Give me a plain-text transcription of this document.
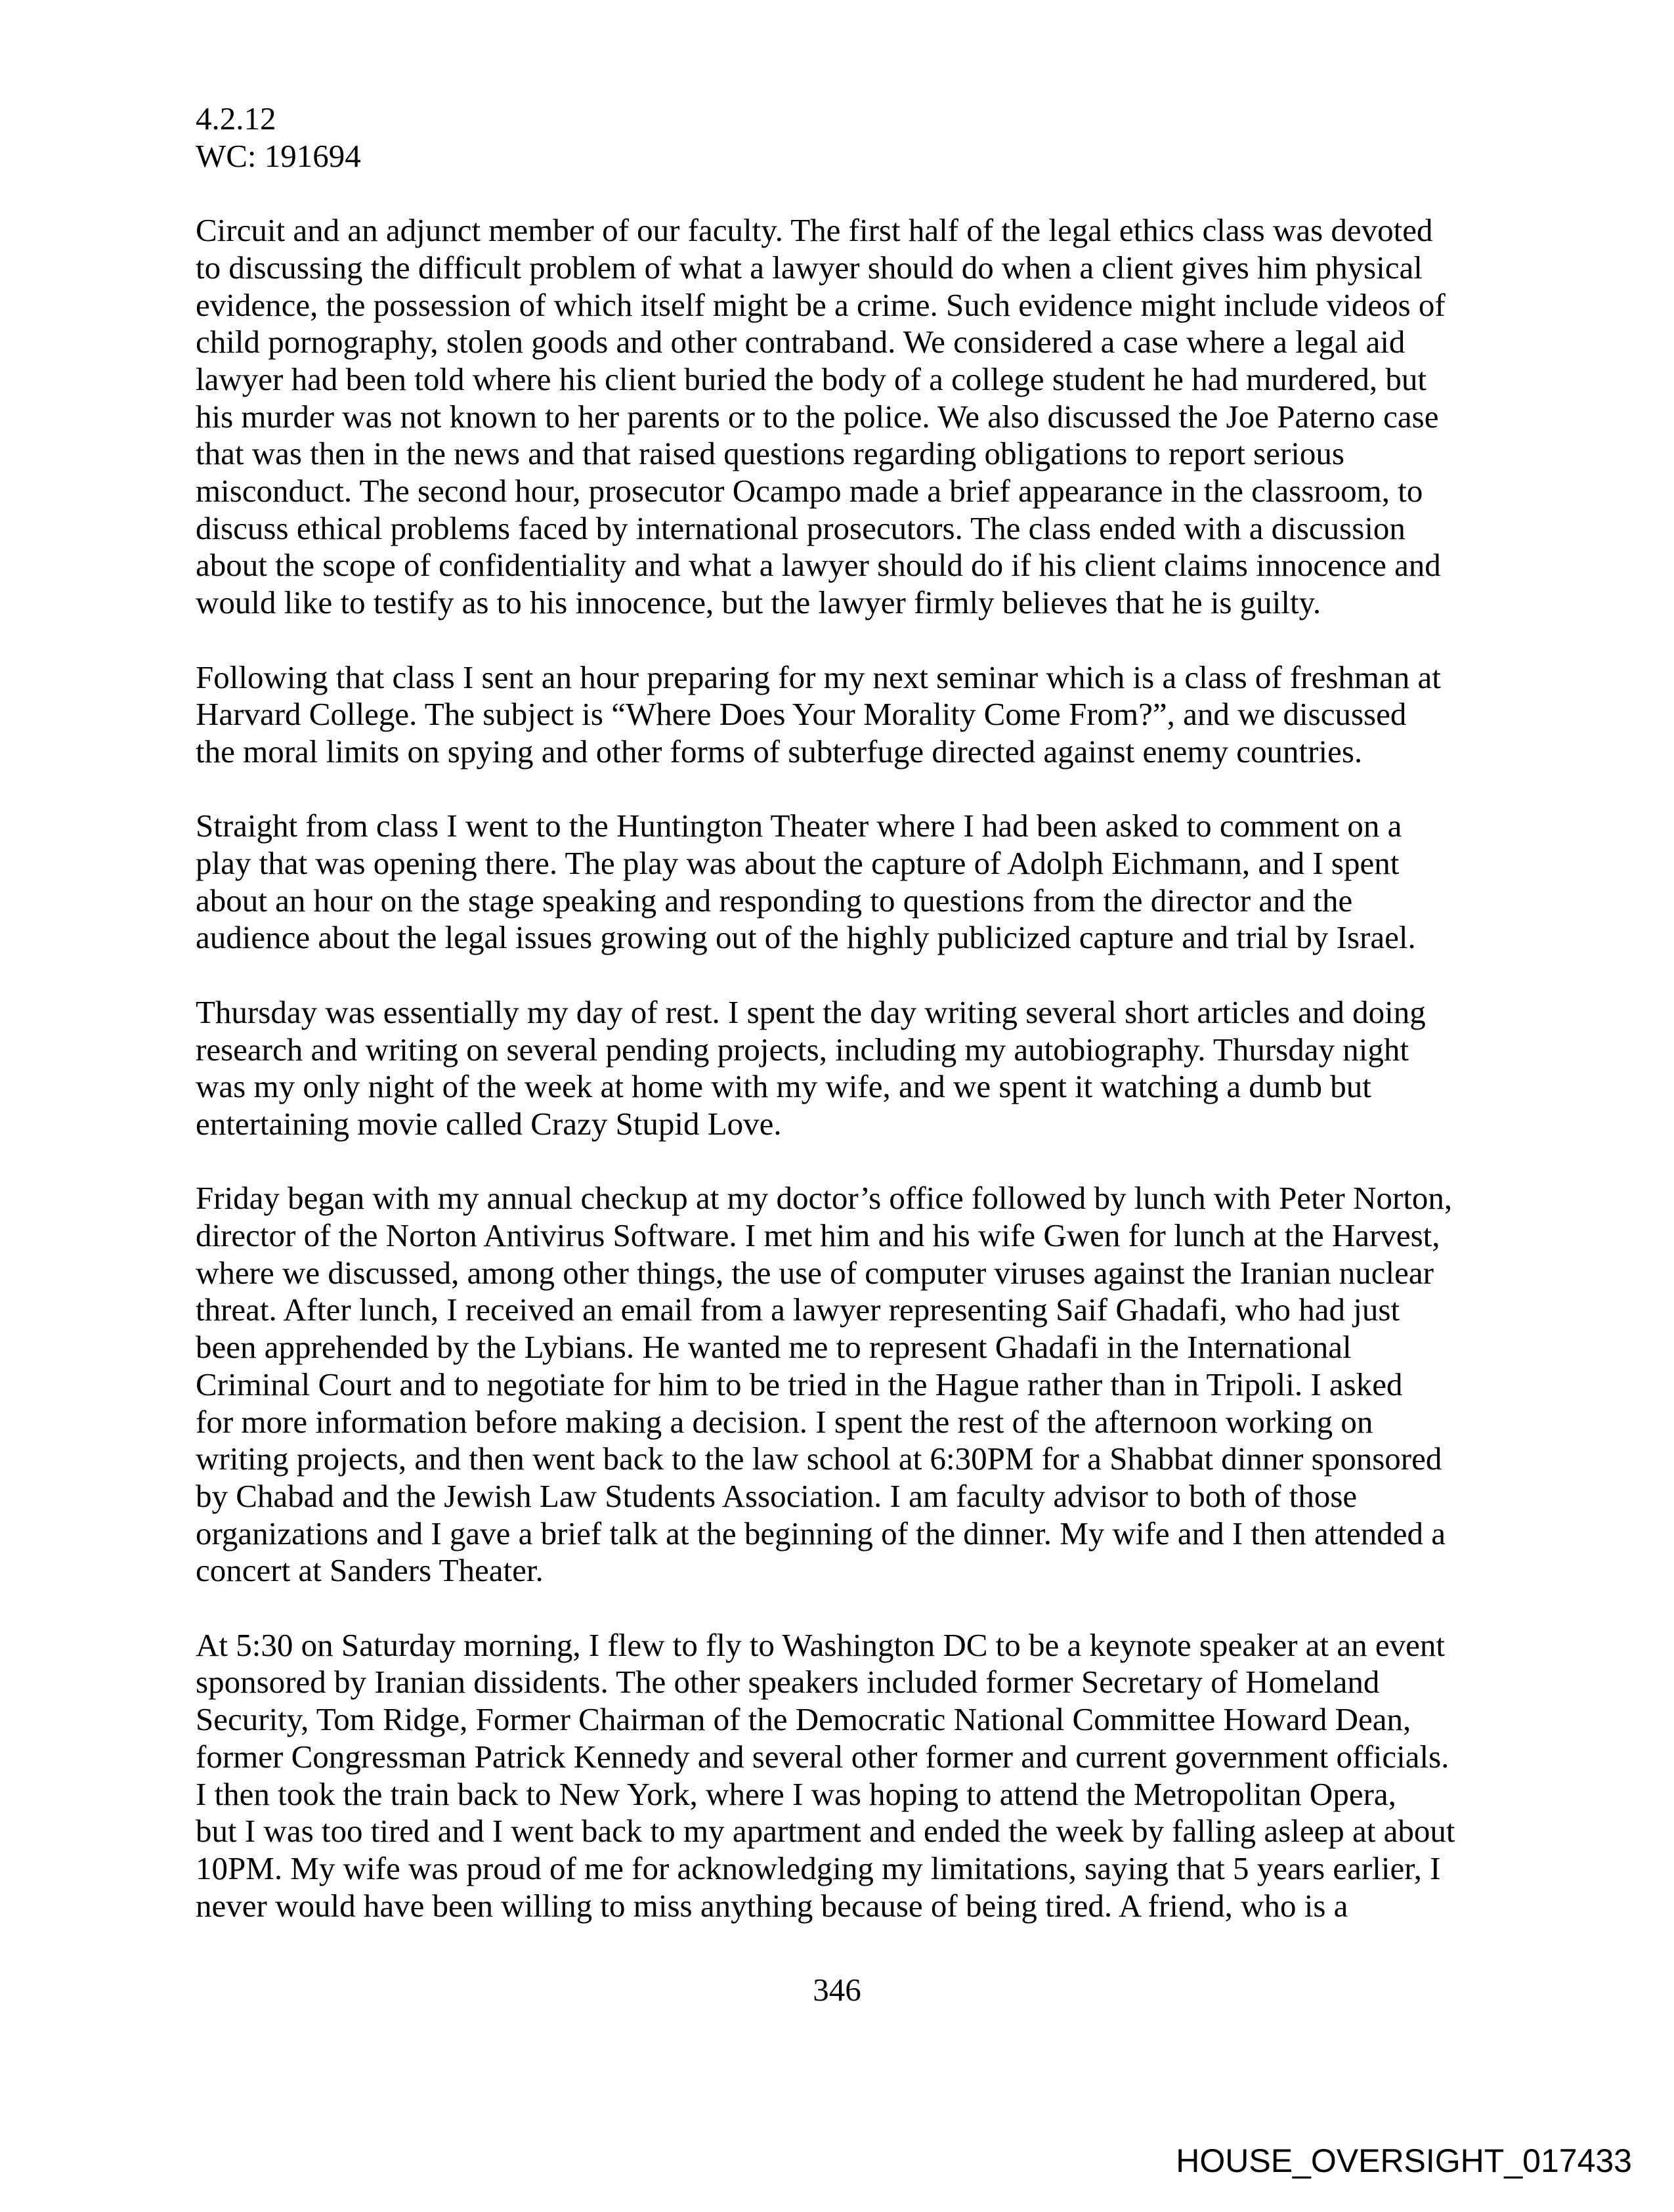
4.2.12
WC: 191694
Circuit and an adjunct member of our faculty. The first half of the legal ethics class was devoted
to discussing the difficult problem of what a lawyer should do when a client gives him physical
evidence, the possession of which itself might be a crime. Such evidence might include videos of
child pornography, stolen goods and other contraband. We considered a case where a legal aid
lawyer had been told where his client buried the body of a college student he had murdered, but
his murder was not known to her parents or to the police. We also discussed the Joe Paterno case
that was then in the news and that raised questions regarding obligations to report serious
misconduct. The second hour, prosecutor Ocampo made a brief appearance in the classroom, to
discuss ethical problems faced by international prosecutors. The class ended with a discussion
about the scope of confidentiality and what a lawyer should do if his client claims innocence and
would like to testify as to his innocence, but the lawyer firmly believes that he is guilty.
Following that class I sent an hour preparing for my next seminar which is a class of freshman at
Harvard College. The subject is “Where Does Your Morality Come From?”, and we discussed
the moral limits on spying and other forms of subterfuge directed against enemy countries.
Straight from class I went to the Huntington Theater where I had been asked to comment on a
play that was opening there. The play was about the capture of Adolph Eichmann, and I spent
about an hour on the stage speaking and responding to questions from the director and the
audience about the legal issues growing out of the highly publicized capture and trial by Israel.
Thursday was essentially my day of rest. I spent the day writing several short articles and doing
research and writing on several pending projects, including my autobiography. Thursday night
was my only night of the week at home with my wife, and we spent it watching a dumb but
entertaining movie called Crazy Stupid Love.
Friday began with my annual checkup at my doctor’s office followed by lunch with Peter Norton,
director of the Norton Antivirus Software. I met him and his wife Gwen for lunch at the Harvest,
where we discussed, among other things, the use of computer viruses against the Iranian nuclear
threat. After lunch, I received an email from a lawyer representing Saif Ghadafi, who had just
been apprehended by the Lybians. He wanted me to represent Ghadafi in the International
Criminal Court and to negotiate for him to be tried in the Hague rather than in Tripoli. I asked
for more information before making a decision. I spent the rest of the afternoon working on
writing projects, and then went back to the law school at 6:30PM for a Shabbat dinner sponsored
by Chabad and the Jewish Law Students Association. I am faculty advisor to both of those
organizations and I gave a brief talk at the beginning of the dinner. My wife and I then attended a
concert at Sanders Theater.
At 5:30 on Saturday morning, I flew to fly to Washington DC to be a keynote speaker at an event
sponsored by Iranian dissidents. The other speakers included former Secretary of Homeland
Security, Tom Ridge, Former Chairman of the Democratic National Committee Howard Dean,
former Congressman Patrick Kennedy and several other former and current government officials.
I then took the train back to New York, where I was hoping to attend the Metropolitan Opera,
but I was too tired and I went back to my apartment and ended the week by falling asleep at about
10PM. My wife was proud of me for acknowledging my limitations, saying that 5 years earlier, I
never would have been willing to miss anything because of being tired. A friend, who is a
346
HOUSE_OVERSIGHT_017433
